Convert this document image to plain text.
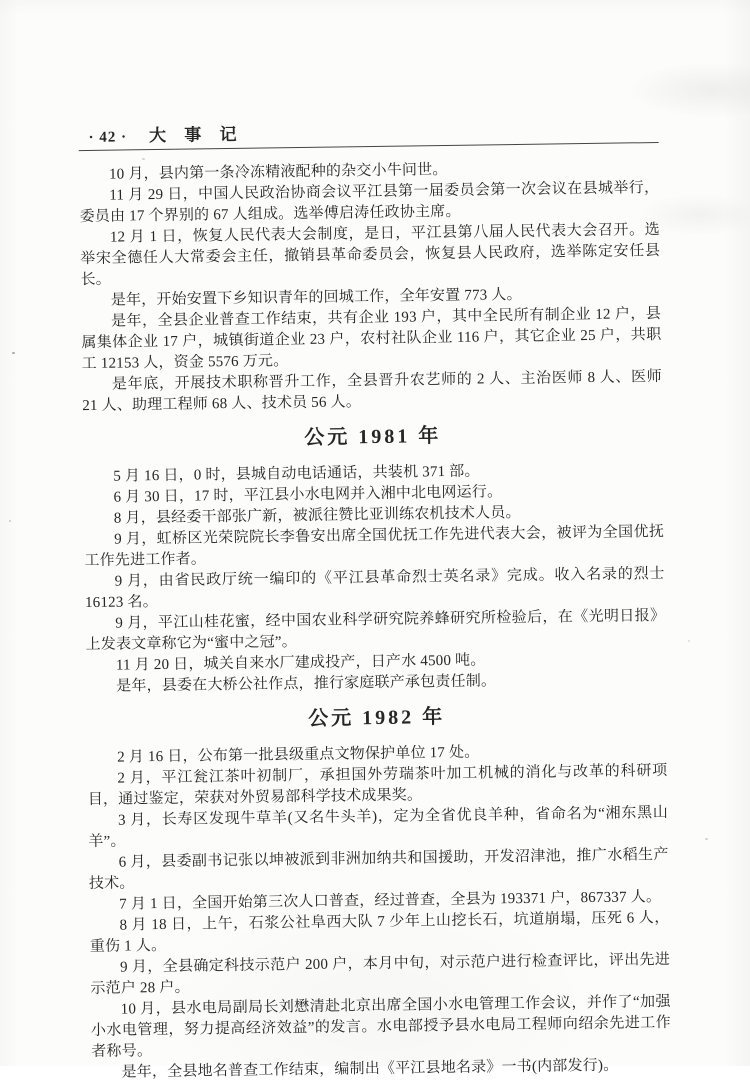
· 42 · 大 事 记

10 月，县内第一条冷冻精液配种的杂交小牛问世。

11 月 29 日，中国人民政治协商会议平江县第一届委员会第一次会议在县城举行，委员由 17 个界别的 67 人组成。选举傅启涛任政协主席。

12 月 1 日，恢复人民代表大会制度，是日，平江县第八届人民代表大会召开。选举宋全德任人大常委会主任，撤销县革命委员会，恢复县人民政府，选举陈定安任县长。

是年，开始安置下乡知识青年的回城工作，全年安置 773 人。

是年，全县企业普查工作结束，共有企业 193 户，其中全民所有制企业 12 户，县属集体企业 17 户，城镇街道企业 23 户，农村社队企业 116 户，其它企业 25 户，共职工 12153 人，资金 5576 万元。

是年底，开展技术职称晋升工作，全县晋升农艺师的 2 人、主治医师 8 人、医师 21 人、助理工程师 68 人、技术员 56 人。

公元 1981 年

5 月 16 日，0 时，县城自动电话通话，共装机 371 部。

6 月 30 日，17 时，平江县小水电网并入湘中北电网运行。

8 月，县经委干部张广新，被派往赞比亚训练农机技术人员。

9 月，虹桥区光荣院院长李鲁安出席全国优抚工作先进代表大会，被评为全国优抚工作先进工作者。

9 月，由省民政厅统一编印的《平江县革命烈士英名录》完成。收入名录的烈士 16123 名。

9 月，平江山桂花蜜，经中国农业科学研究院养蜂研究所检验后，在《光明日报》上发表文章称它为“蜜中之冠”。

11 月 20 日，城关自来水厂建成投产，日产水 4500 吨。

是年，县委在大桥公社作点，推行家庭联产承包责任制。

公元 1982 年

2 月 16 日，公布第一批县级重点文物保护单位 17 处。

2 月，平江瓮江茶叶初制厂，承担国外劳瑞茶叶加工机械的消化与改革的科研项目，通过鉴定，荣获对外贸易部科学技术成果奖。

3 月，长寿区发现牛草羊(又名牛头羊)，定为全省优良羊种，省命名为“湘东黑山羊”。

6 月，县委副书记张以坤被派到非洲加纳共和国援助，开发沼津池，推广水稻生产技术。

7 月 1 日，全国开始第三次人口普查，经过普查，全县为 193371 户，867337 人。

8 月 18 日，上午，石浆公社阜西大队 7 少年上山挖长石，坑道崩塌，压死 6 人，重伤 1 人。

9 月，全县确定科技示范户 200 户，本月中旬，对示范户进行检查评比，评出先进示范户 28 户。

10 月，县水电局副局长刘懋清赴北京出席全国小水电管理工作会议，并作了“加强小水电管理，努力提高经济效益”的发言。水电部授予县水电局工程师向绍余先进工作者称号。

是年，全县地名普查工作结束，编制出《平江县地名录》一书(内部发行)。
